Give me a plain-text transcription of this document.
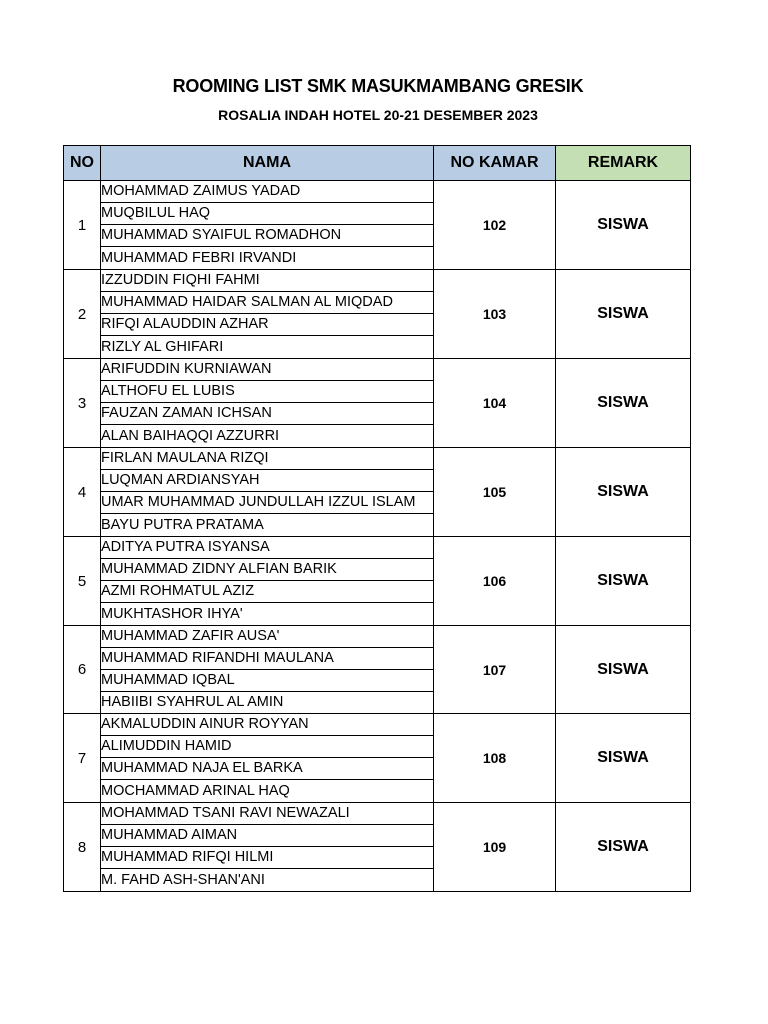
ROOMING LIST SMK MASUKMAMBANG GRESIK
ROSALIA INDAH HOTEL 20-21 DESEMBER 2023
NO	NAMA	NO KAMAR	REMARK
1	MOHAMMAD ZAIMUS YADAD	102	SISWA
	MUQBILUL HAQ		
	MUHAMMAD SYAIFUL ROMADHON		
	MUHAMMAD FEBRI IRVANDI		
2	IZZUDDIN FIQHI FAHMI	103	SISWA
	MUHAMMAD HAIDAR SALMAN AL MIQDAD		
	RIFQI ALAUDDIN AZHAR		
	RIZLY AL GHIFARI		
3	ARIFUDDIN KURNIAWAN	104	SISWA
	ALTHOFU EL LUBIS		
	FAUZAN ZAMAN ICHSAN		
	ALAN BAIHAQQI AZZURRI		
4	FIRLAN MAULANA RIZQI	105	SISWA
	LUQMAN ARDIANSYAH		
	UMAR MUHAMMAD JUNDULLAH IZZUL ISLAM		
	BAYU PUTRA PRATAMA		
5	ADITYA PUTRA ISYANSA	106	SISWA
	MUHAMMAD ZIDNY ALFIAN BARIK		
	AZMI ROHMATUL AZIZ		
	MUKHTASHOR IHYA'		
6	MUHAMMAD ZAFIR AUSA'	107	SISWA
	MUHAMMAD RIFANDHI MAULANA		
	MUHAMMAD IQBAL		
	HABIIBI SYAHRUL AL AMIN		
7	AKMALUDDIN AINUR ROYYAN	108	SISWA
	ALIMUDDIN HAMID		
	MUHAMMAD NAJA EL BARKA		
	MOCHAMMAD ARINAL HAQ		
8	MOHAMMAD TSANI RAVI NEWAZALI	109	SISWA
	MUHAMMAD AIMAN		
	MUHAMMAD RIFQI HILMI		
	M. FAHD ASH-SHAN'ANI		
